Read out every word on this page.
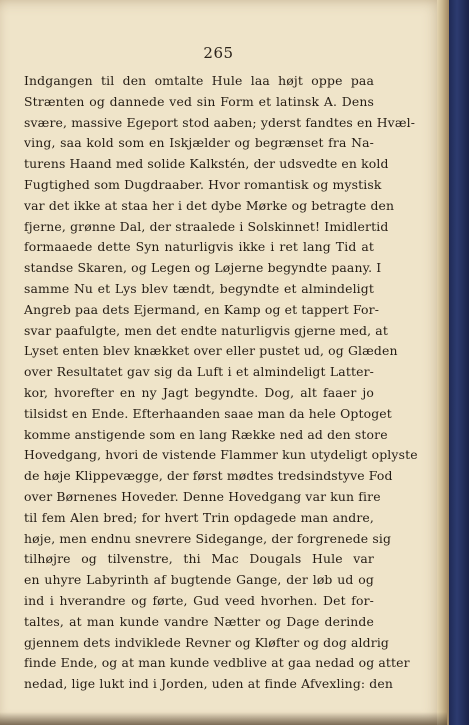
265
Indgangen til den omtalte Hule laa højt oppe paa
Strænten og dannede ved sin Form et latinsk A. Dens
svære, massive Egeport stod aaben; yderst fandtes en Hvæl-
ving, saa kold som en Iskjælder og begrænset fra Na-
turens Haand med solide Kalkstén, der udsvedte en kold
Fugtighed som Dugdraaber. Hvor romantisk og mystisk
var det ikke at staa her i det dybe Mørke og betragte den
fjerne, grønne Dal, der straalede i Solskinnet! Imidlertid
formaaede dette Syn naturligvis ikke i ret lang Tid at
standse Skaren, og Legen og Løjerne begyndte paany. I
samme Nu et Lys blev tændt, begyndte et almindeligt
Angreb paa dets Ejermand, en Kamp og et tappert For-
svar paafulgte, men det endte naturligvis gjerne med, at
Lyset enten blev knækket over eller pustet ud, og Glæden
over Resultatet gav sig da Luft i et almindeligt Latter-
kor, hvorefter en ny Jagt begyndte. Dog, alt faaer jo
tilsidst en Ende. Efterhaanden saae man da hele Optoget
komme anstigende som en lang Række ned ad den store
Hovedgang, hvori de vistende Flammer kun utydeligt oplyste
de høje Klippevægge, der først mødtes tredsindstyve Fod
over Børnenes Hoveder. Denne Hovedgang var kun fire
til fem Alen bred; for hvert Trin opdagede man andre,
høje, men endnu snevrere Sidegange, der forgrenede sig
tilhøjre og tilvenstre, thi Mac Dougals Hule var
en uhyre Labyrinth af bugtende Gange, der løb ud og
ind i hverandre og førte, Gud veed hvorhen. Det for-
taltes, at man kunde vandre Nætter og Dage derinde
gjennem dets indviklede Revner og Kløfter og dog aldrig
finde Ende, og at man kunde vedblive at gaa nedad og atter
nedad, lige lukt ind i Jorden, uden at finde Afvexling: den
